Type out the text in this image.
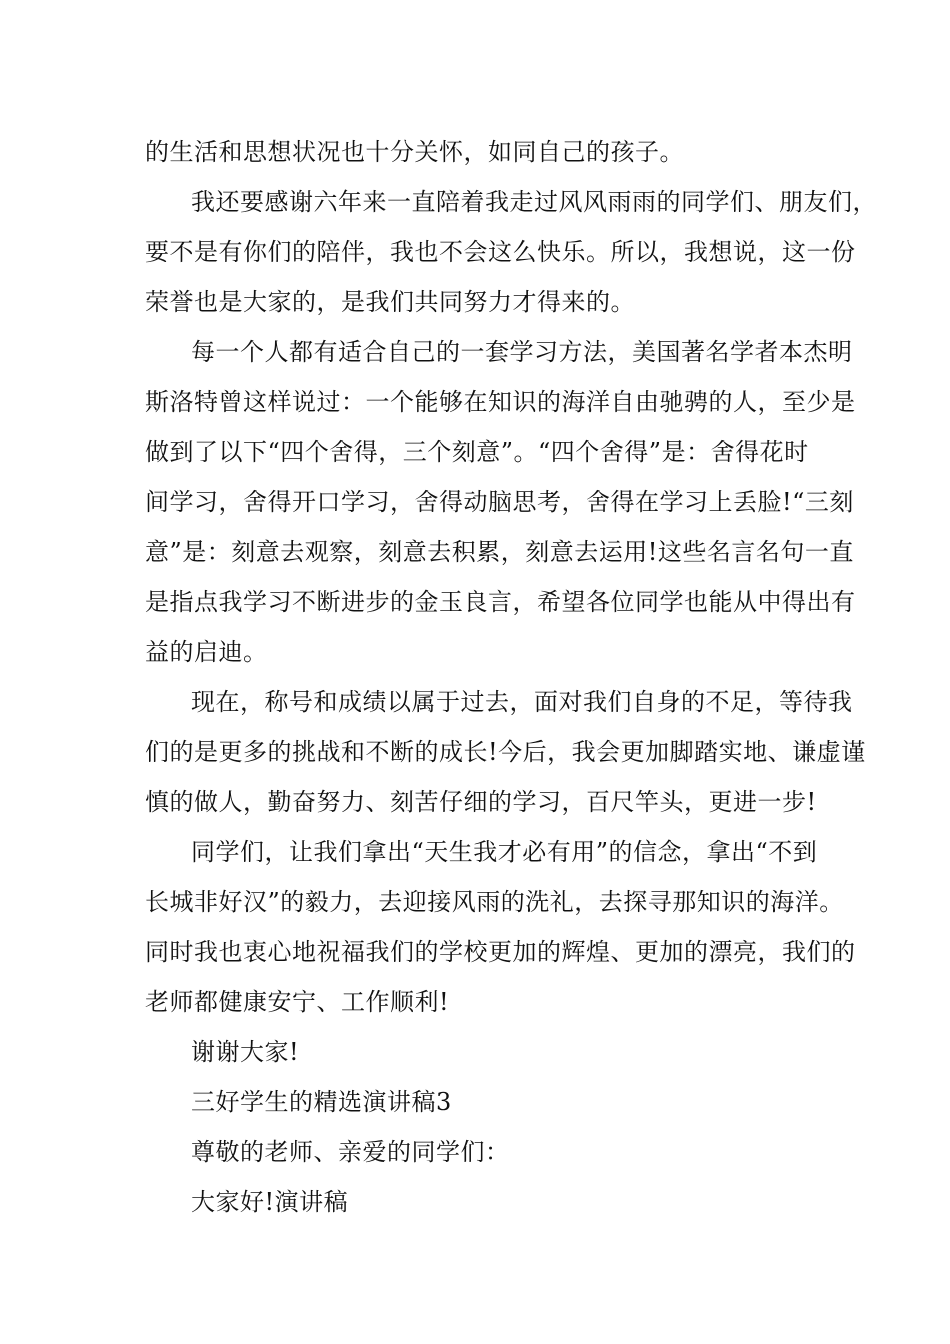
的生活和思想状况也十分关怀，如同自己的孩子。
我还要感谢六年来一直陪着我走过风风雨雨的同学们、朋友们，
要不是有你们的陪伴，我也不会这么快乐。所以，我想说，这一份
荣誉也是大家的，是我们共同努力才得来的。
每一个人都有适合自己的一套学习方法，美国著名学者本杰明
斯洛特曾这样说过：一个能够在知识的海洋自由驰骋的人，至少是
做到了以下“四个舍得，三个刻意”。“四个舍得”是：舍得花时
间学习，舍得开口学习，舍得动脑思考，舍得在学习上丢脸!“三刻
意”是：刻意去观察，刻意去积累，刻意去运用!这些名言名句一直
是指点我学习不断进步的金玉良言，希望各位同学也能从中得出有
益的启迪。
现在，称号和成绩以属于过去，面对我们自身的不足，等待我
们的是更多的挑战和不断的成长!今后，我会更加脚踏实地、谦虚谨
慎的做人，勤奋努力、刻苦仔细的学习，百尺竿头，更进一步!
同学们，让我们拿出“天生我才必有用”的信念，拿出“不到
长城非好汉”的毅力，去迎接风雨的洗礼，去探寻那知识的海洋。
同时我也衷心地祝福我们的学校更加的辉煌、更加的漂亮，我们的
老师都健康安宁、工作顺利!
谢谢大家!
三好学生的精选演讲稿3
尊敬的老师、亲爱的同学们：
大家好!演讲稿
